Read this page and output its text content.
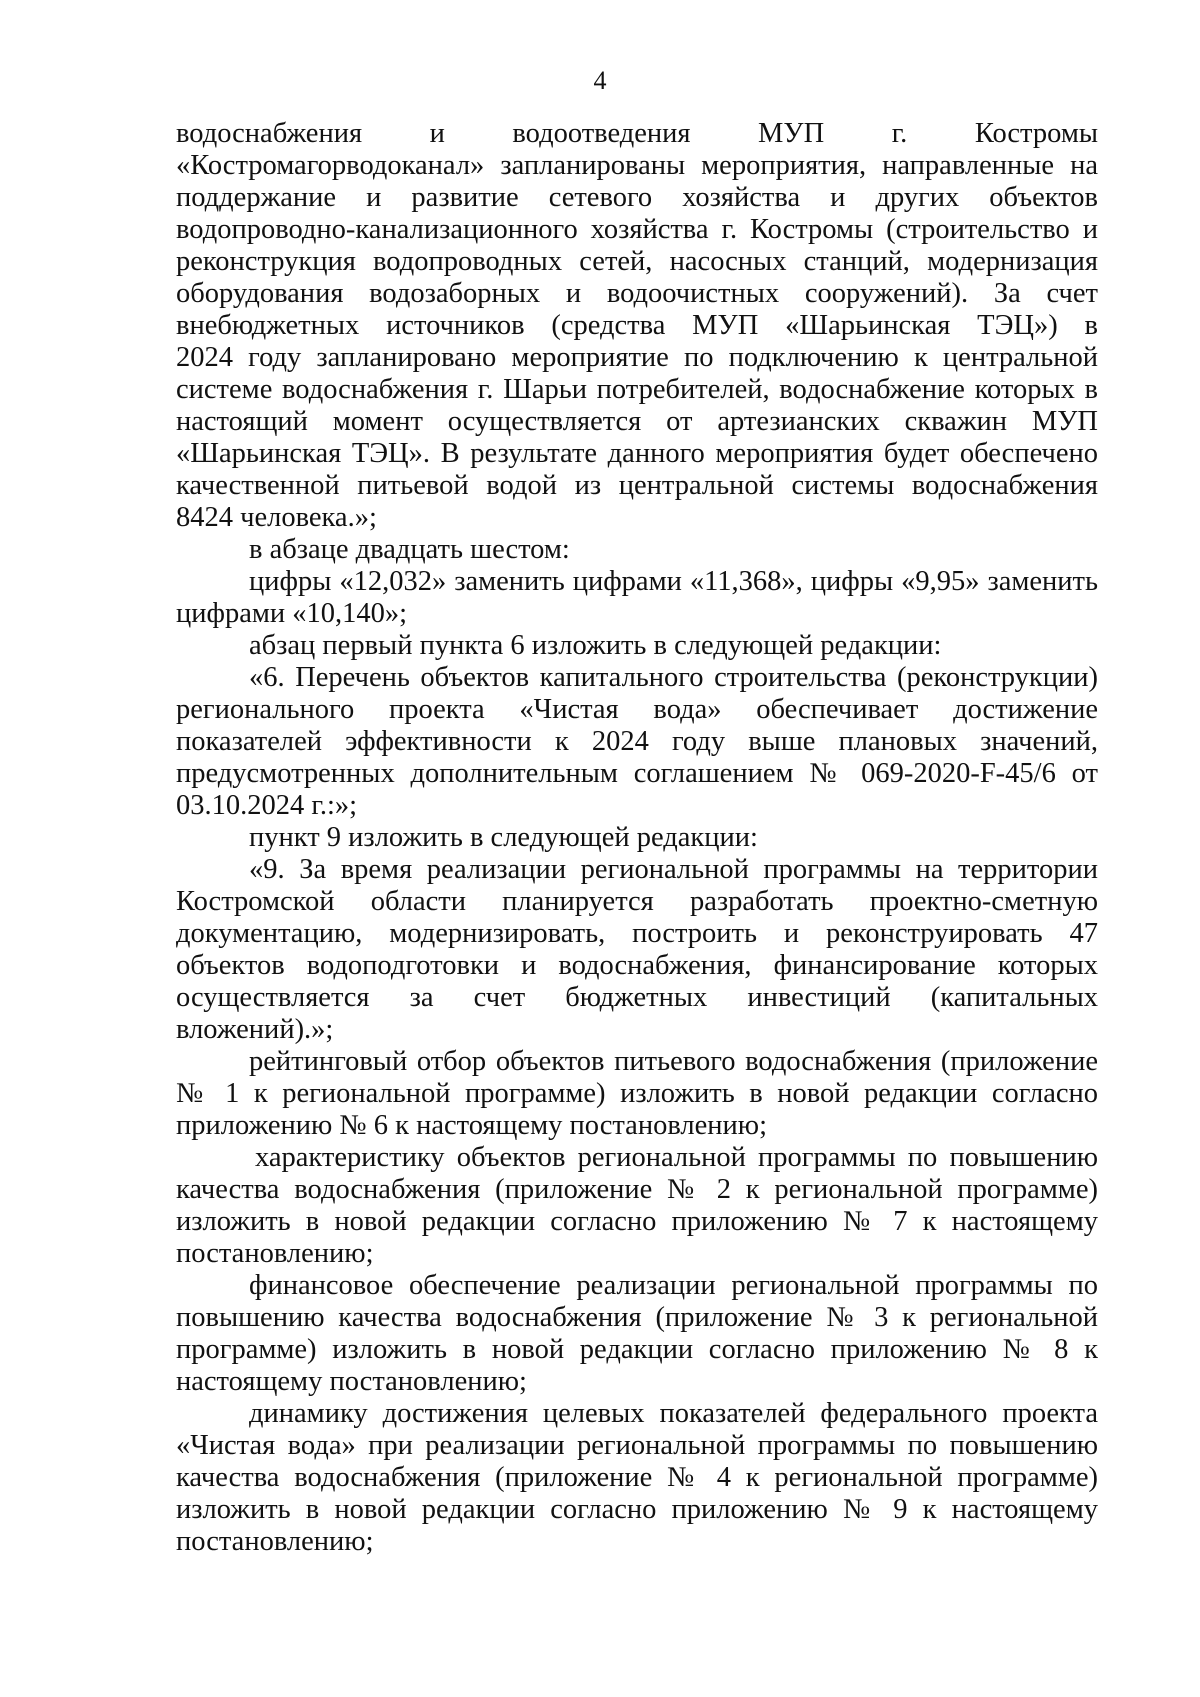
4
водоснабжения и водоотведения МУП г. Костромы
«Костромагорводоканал» запланированы мероприятия, направленные на
поддержание и развитие сетевого хозяйства и других объектов
водопроводно-канализационного хозяйства г. Костромы (строительство и
реконструкция водопроводных сетей, насосных станций, модернизация
оборудования водозаборных и водоочистных сооружений). За счет
внебюджетных источников (средства МУП «Шарьинская ТЭЦ») в
2024 году запланировано мероприятие по подключению к центральной
системе водоснабжения г. Шарьи потребителей, водоснабжение которых в
настоящий момент осуществляется от артезианских скважин МУП
«Шарьинская ТЭЦ». В результате данного мероприятия будет обеспечено
качественной питьевой водой из центральной системы водоснабжения
8424 человека.»;
в абзаце двадцать шестом:
цифры «12,032» заменить цифрами «11,368», цифры «9,95» заменить
цифрами «10,140»;
абзац первый пункта 6 изложить в следующей редакции:
«6. Перечень объектов капитального строительства (реконструкции)
регионального проекта «Чистая вода» обеспечивает достижение
показателей эффективности к 2024 году выше плановых значений,
предусмотренных дополнительным соглашением № 069-2020-F-45/6 от
03.10.2024 г.:»;
пункт 9 изложить в следующей редакции:
«9. За время реализации региональной программы на территории
Костромской области планируется разработать проектно-сметную
документацию, модернизировать, построить и реконструировать 47
объектов водоподготовки и водоснабжения, финансирование которых
осуществляется за счет бюджетных инвестиций (капитальных
вложений).»;
рейтинговый отбор объектов питьевого водоснабжения (приложение
№ 1 к региональной программе) изложить в новой редакции согласно
приложению № 6 к настоящему постановлению;
характеристику объектов региональной программы по повышению
качества водоснабжения (приложение № 2 к региональной программе)
изложить в новой редакции согласно приложению № 7 к настоящему
постановлению;
финансовое обеспечение реализации региональной программы по
повышению качества водоснабжения (приложение № 3 к региональной
программе) изложить в новой редакции согласно приложению № 8 к
настоящему постановлению;
динамику достижения целевых показателей федерального проекта
«Чистая вода» при реализации региональной программы по повышению
качества водоснабжения (приложение № 4 к региональной программе)
изложить в новой редакции согласно приложению № 9 к настоящему
постановлению;
